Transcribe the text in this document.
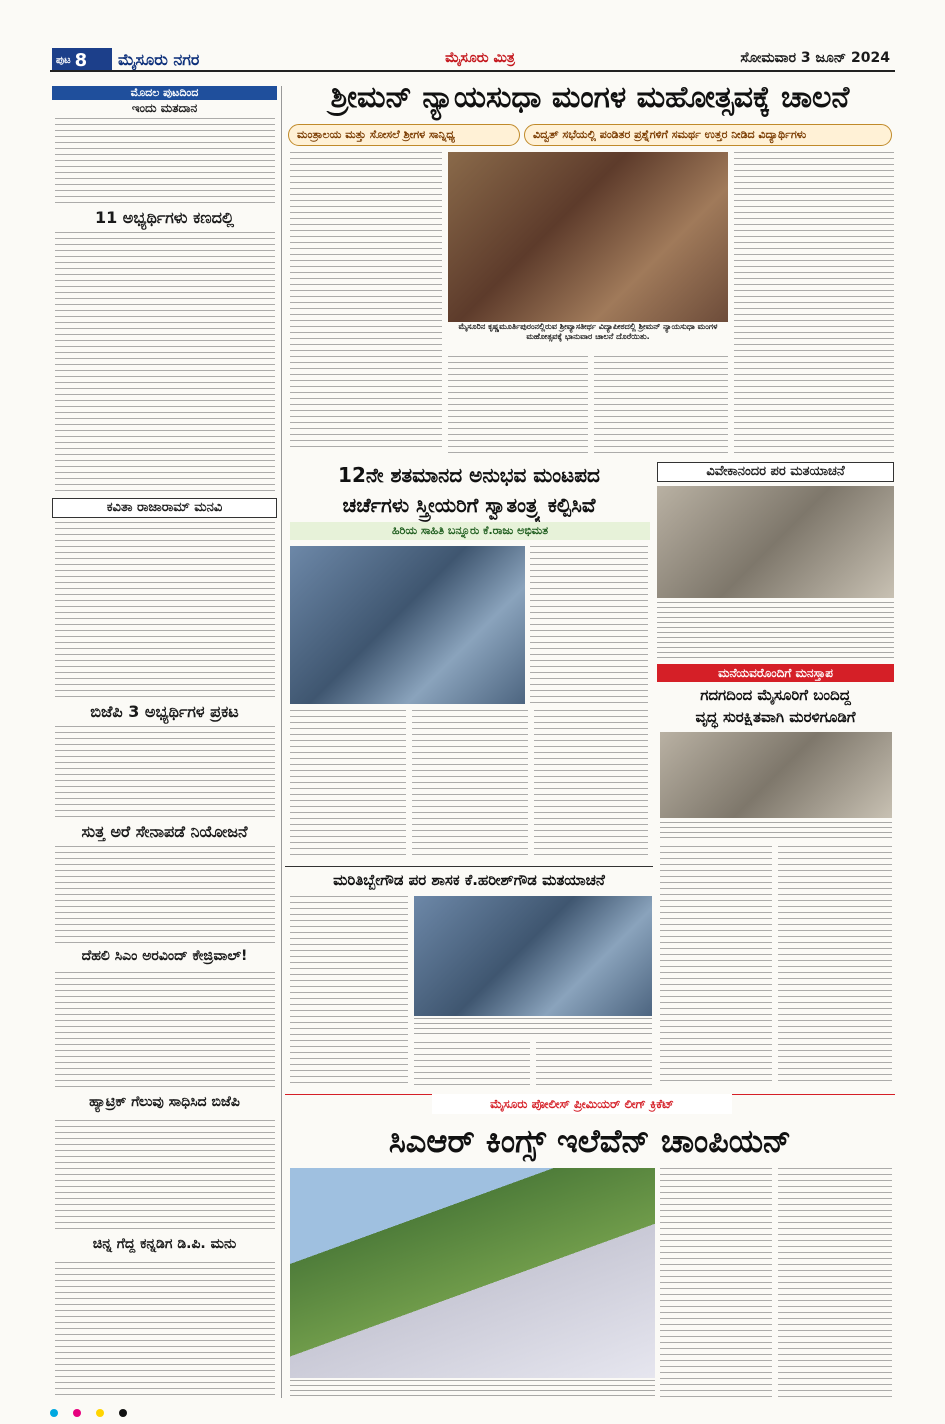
ಪುಟ 8 ಮೈಸೂರು ನಗರ	ಮೈಸೂರು ಮಿತ್ರ	ಸೋಮವಾರ 3 ಜೂನ್ 2024
ಮೊದಲ ಪುಟದಿಂದ
ಇಂದು ಮತದಾನ
11 ಅಭ್ಯರ್ಥಿಗಳು ಕಣದಲ್ಲಿ
ಕವಿತಾ ರಾಜಾರಾಮ್ ಮನವಿ
ಬಿಜೆಪಿ 3 ಅಭ್ಯರ್ಥಿಗಳ ಪ್ರಕಟ
ಸುತ್ತ ಅರೆ ಸೇನಾಪಡೆ ನಿಯೋಜನೆ
ದೆಹಲಿ ಸಿಎಂ ಅರವಿಂದ್ ಕೇಜ್ರಿವಾಲ್!
ಹ್ಯಾಟ್ರಿಕ್ ಗೆಲುವು ಸಾಧಿಸಿದ ಬಿಜೆಪಿ
ಚಿನ್ನ ಗೆದ್ದ ಕನ್ನಡಿಗ ಡಿ.ಪಿ. ಮನು
ಶ್ರೀಮನ್ ನ್ಯಾಯಸುಧಾ ಮಂಗಳ ಮಹೋತ್ಸವಕ್ಕೆ ಚಾಲನೆ
ಮಂತ್ರಾಲಯ ಮತ್ತು ಸೋಸಲೆ ಶ್ರೀಗಳ ಸಾನ್ನಿಧ್ಯ	ವಿದ್ವತ್ ಸಭೆಯಲ್ಲಿ ಪಂಡಿತರ ಪ್ರಶ್ನೆಗಳಿಗೆ ಸಮರ್ಥ ಉತ್ತರ ನೀಡಿದ ವಿದ್ಯಾರ್ಥಿಗಳು
ಮೈಸೂರಿನ ಕೃಷ್ಣಮೂರ್ತಿಪುರಂನಲ್ಲಿರುವ ಶ್ರೀವ್ಯಾಸತೀರ್ಥ ವಿದ್ಯಾಪೀಠದಲ್ಲಿ ಶ್ರೀಮನ್ ನ್ಯಾಯಸುಧಾ ಮಂಗಳ ಮಹೋತ್ಸವಕ್ಕೆ ಭಾನುವಾರ ಚಾಲನೆ ದೊರೆಯಿತು.
12ನೇ ಶತಮಾನದ ಅನುಭವ ಮಂಟಪದ
ಚರ್ಚೆಗಳು ಸ್ತ್ರೀಯರಿಗೆ ಸ್ವಾತಂತ್ರ್ಯ ಕಲ್ಪಿಸಿವೆ
ಹಿರಿಯ ಸಾಹಿತಿ ಬನ್ನೂರು ಕೆ.ರಾಜು ಅಭಿಮತ
ವಿವೇಕಾನಂದರ ಪರ ಮತಯಾಚನೆ
ಮನೆಯವರೊಂದಿಗೆ ಮನಸ್ತಾಪ
ಗದಗದಿಂದ ಮೈಸೂರಿಗೆ ಬಂದಿದ್ದ
ವೃದ್ಧ ಸುರಕ್ಷಿತವಾಗಿ ಮರಳಿಗೂಡಿಗೆ
ಮರಿತಿಬ್ಬೇಗೌಡ ಪರ ಶಾಸಕ ಕೆ.ಹರೀಶ್‌ಗೌಡ ಮತಯಾಚನೆ
ಮೈಸೂರು ಪೋಲೀಸ್ ಪ್ರೀಮಿಯರ್ ಲೀಗ್ ಕ್ರಿಕೆಟ್
ಸಿಎಆರ್ ಕಿಂಗ್ಸ್ ಇಲೆವೆನ್ ಚಾಂಪಿಯನ್
